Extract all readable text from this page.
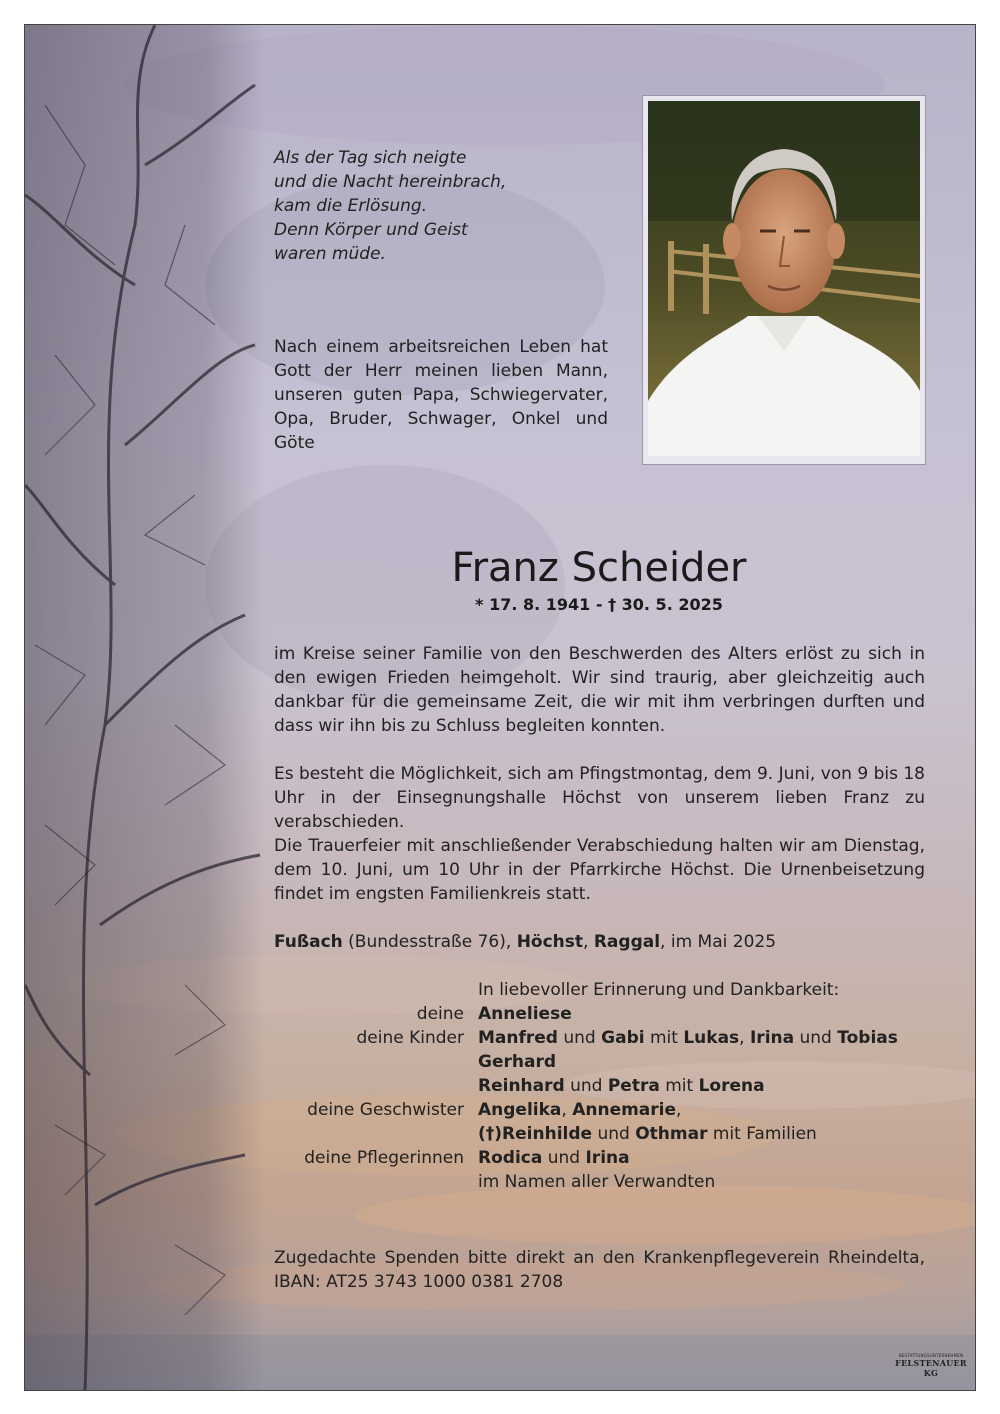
Als der Tag sich neigte
und die Nacht hereinbrach,
kam die Erlösung.
Denn Körper und Geist
waren müde.

Nach einem arbeitsreichen Leben hat Gott der Herr meinen lieben Mann, unseren guten Papa, Schwiegervater, Opa, Bruder, Schwager, Onkel und Göte

Franz Scheider
* 17. 8. 1941 - † 30. 5. 2025

im Kreise seiner Familie von den Beschwerden des Alters erlöst zu sich in den ewigen Frieden heimgeholt. Wir sind traurig, aber gleichzeitig auch dankbar für die gemeinsame Zeit, die wir mit ihm verbringen durften und dass wir ihn bis zu Schluss begleiten konnten.

Es besteht die Möglichkeit, sich am Pfingstmontag, dem 9. Juni, von 9 bis 18 Uhr in der Einsegnungshalle Höchst von unserem lieben Franz zu verabschieden.

Die Trauerfeier mit anschließender Verabschiedung halten wir am Dienstag, dem 10. Juni, um 10 Uhr in der Pfarrkirche Höchst. Die Urnenbeisetzung findet im engsten Familienkreis statt.

Fußach (Bundesstraße 76), Höchst, Raggal, im Mai 2025

In liebevoller Erinnerung und Dankbarkeit:
deine Anneliese
deine Kinder Manfred und Gabi mit Lukas, Irina und Tobias
Gerhard
Reinhard und Petra mit Lorena
deine Geschwister Angelika, Annemarie,
(†)Reinhilde und Othmar mit Familien
deine Pflegerinnen Rodica und Irina
im Namen aller Verwandten

Zugedachte Spenden bitte direkt an den Krankenpflegeverein Rheindelta, IBAN: AT25 3743 1000 0381 2708

BESTATTUNGSUNTERNEHMEN
FELSTENAUER KG
